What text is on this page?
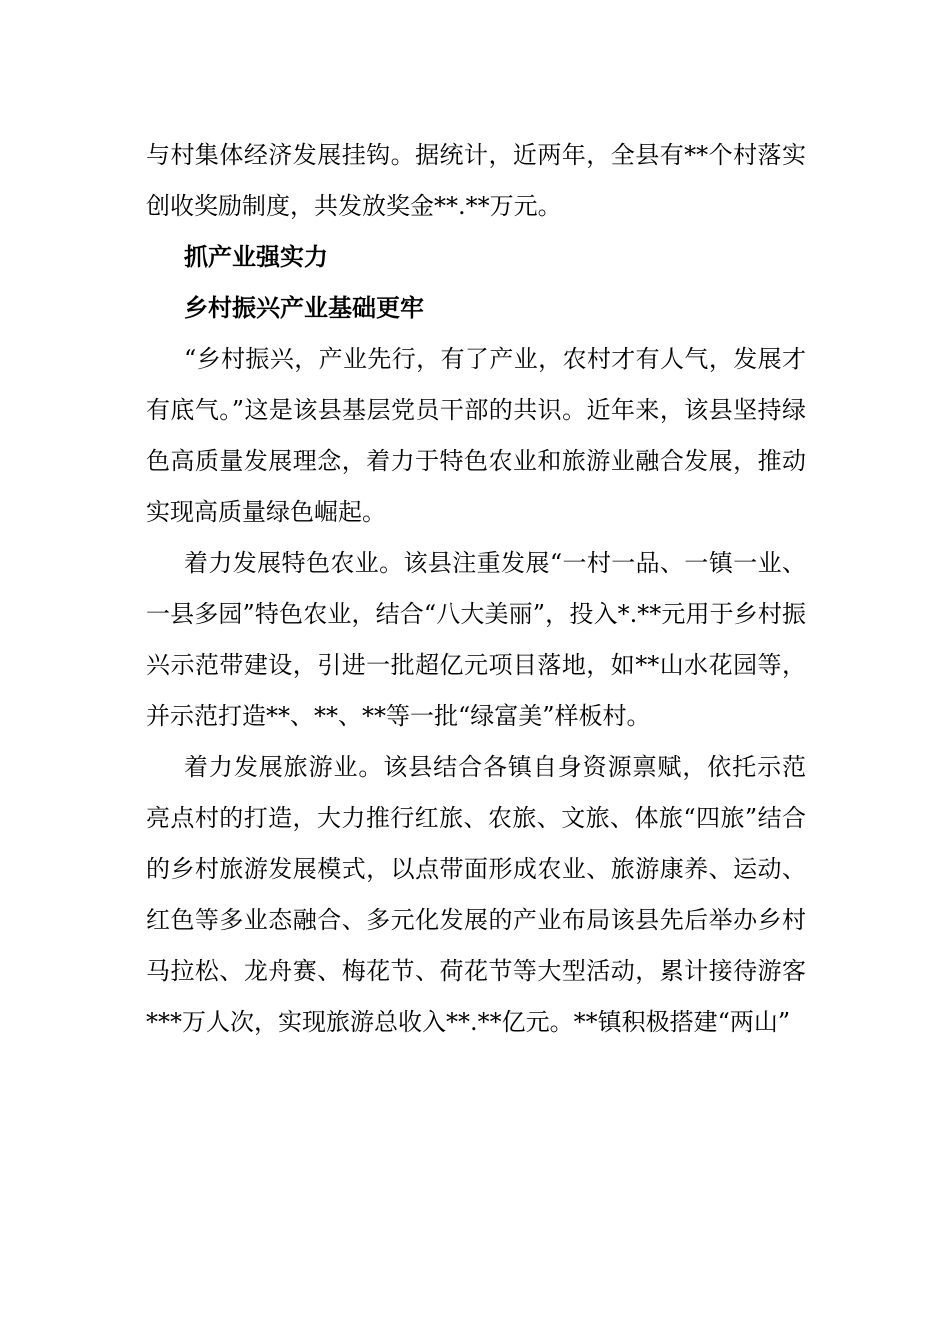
与村集体经济发展挂钩。据统计，近两年，全县有**个村落实创收奖励制度，共发放奖金**.**万元。

抓产业强实力

乡村振兴产业基础更牢

“乡村振兴，产业先行，有了产业，农村才有人气，发展才有底气。”这是该县基层党员干部的共识。近年来，该县坚持绿色高质量发展理念，着力于特色农业和旅游业融合发展，推动实现高质量绿色崛起。

着力发展特色农业。该县注重发展“一村一品、一镇一业、一县多园”特色农业，结合“八大美丽”，投入*.**元用于乡村振兴示范带建设，引进一批超亿元项目落地，如**山水花园等，并示范打造**、**、**等一批“绿富美”样板村。

着力发展旅游业。该县结合各镇自身资源禀赋，依托示范亮点村的打造，大力推行红旅、农旅、文旅、体旅“四旅”结合的乡村旅游发展模式，以点带面形成农业、旅游康养、运动、红色等多业态融合、多元化发展的产业布局该县先后举办乡村马拉松、龙舟赛、梅花节、荷花节等大型活动，累计接待游客***万人次，实现旅游总收入**.**亿元。**镇积极搭建“两山”
